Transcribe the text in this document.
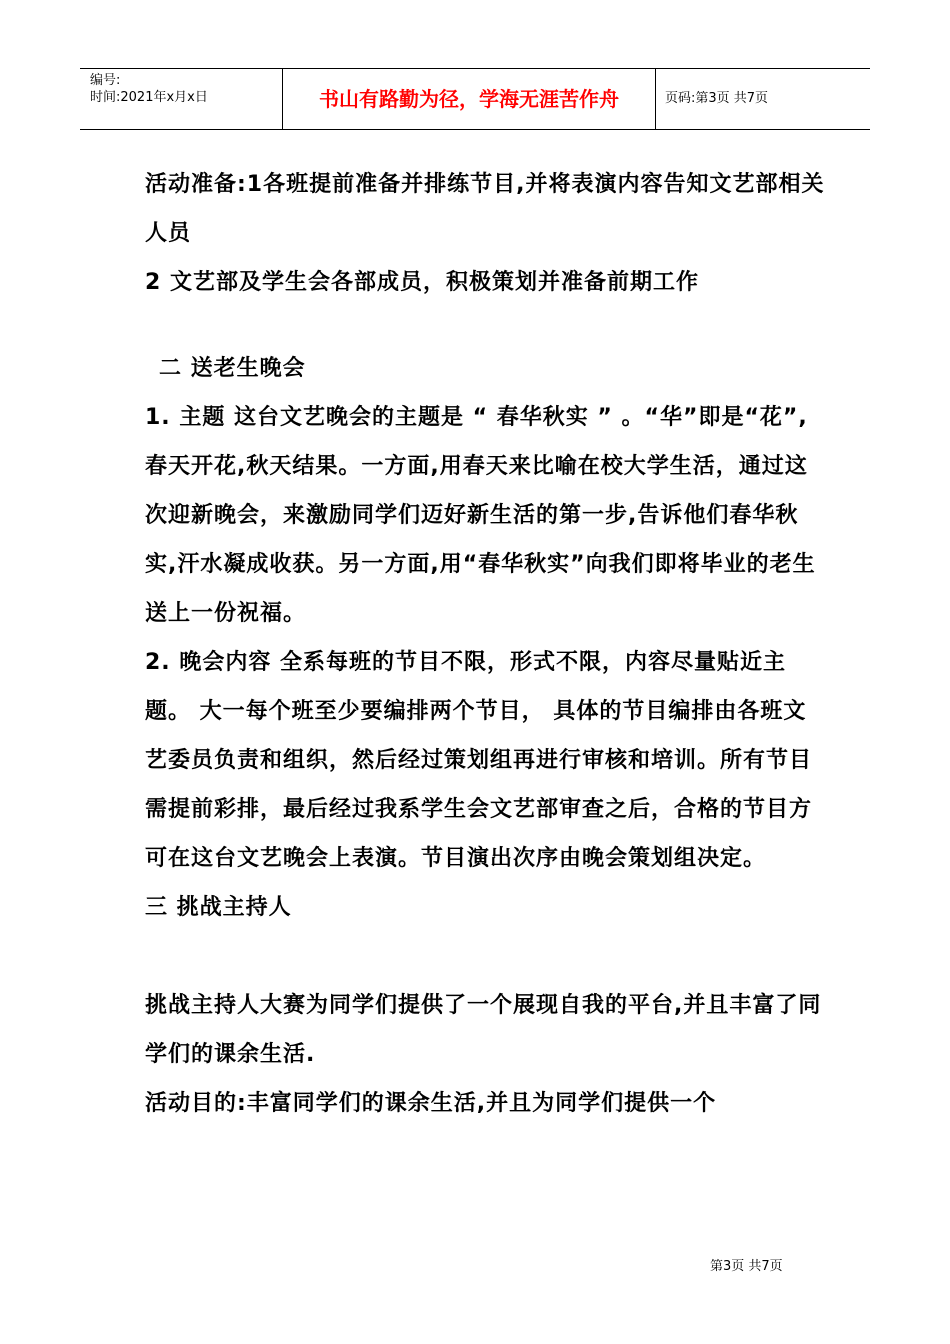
编号:
时间:2021年x月x日	书山有路勤为径，学海无涯苦作舟	页码:第3页 共7页

活动准备:1各班提前准备并排练节目,并将表演内容告知文艺部相关人员

2 文艺部及学生会各部成员，积极策划并准备前期工作

二 送老生晚会

1. 主题 这台文艺晚会的主题是 “ 春华秋实 ” 。“华”即是“花”,春天开花,秋天结果。一方面,用春天来比喻在校大学生活，通过这次迎新晚会，来激励同学们迈好新生活的第一步,告诉他们春华秋实,汗水凝成收获。另一方面,用“春华秋实”向我们即将毕业的老生送上一份祝福。

2. 晚会内容 全系每班的节目不限，形式不限，内容尽量贴近主题。 大一每个班至少要编排两个节目， 具体的节目编排由各班文艺委员负责和组织，然后经过策划组再进行审核和培训。所有节目需提前彩排，最后经过我系学生会文艺部审查之后，合格的节目方可在这台文艺晚会上表演。节目演出次序由晚会策划组决定。

三 挑战主持人

挑战主持人大赛为同学们提供了一个展现自我的平台,并且丰富了同学们的课余生活.

活动目的:丰富同学们的课余生活,并且为同学们提供一个

第3页 共7页
